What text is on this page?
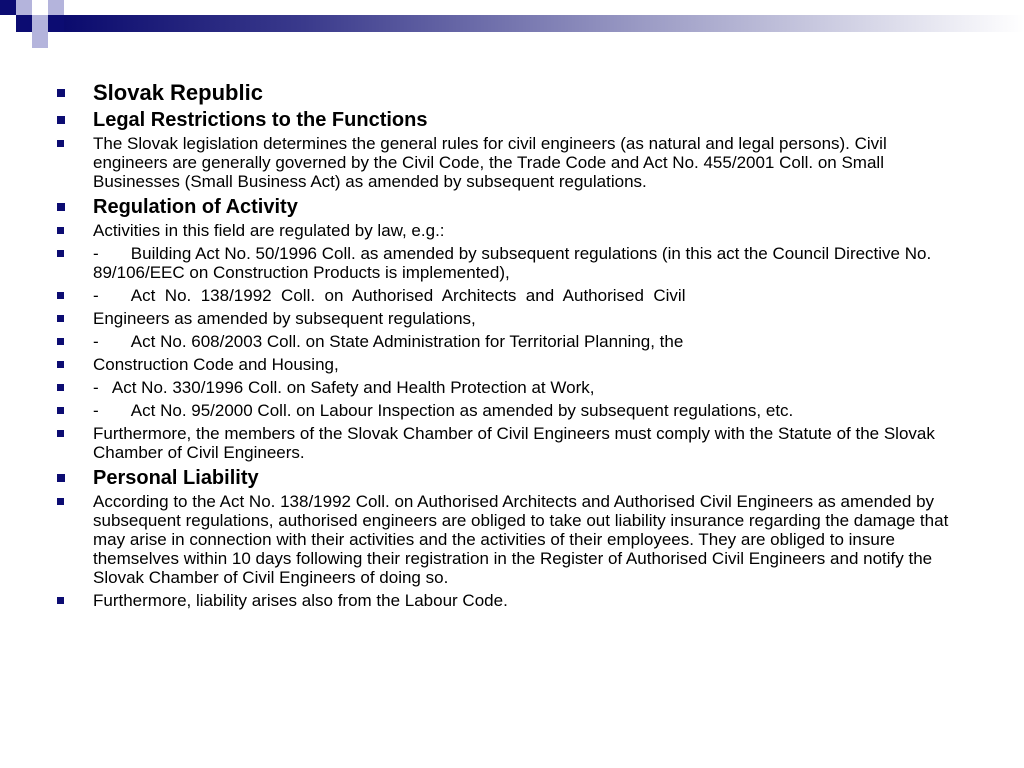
Slovak Republic
Legal Restrictions to the Functions
The Slovak legislation determines the general rules for civil engineers (as natural and legal persons). Civil engineers are generally governed by the Civil Code, the Trade Code and Act No. 455/2001 Coll. on Small Businesses (Small Business Act) as amended by subsequent regulations.
Regulation of Activity
Activities in this field are regulated by law, e.g.:
-	Building Act No. 50/1996 Coll. as amended by subsequent regulations (in this act the Council Directive No. 89/106/EEC on Construction Products is implemented),
-	Act  No.  138/1992  Coll.  on  Authorised  Architects  and  Authorised  Civil
Engineers as amended by subsequent regulations,
-	Act No. 608/2003 Coll. on State Administration for Territorial Planning, the
Construction Code and Housing,
-   Act No. 330/1996 Coll. on Safety and Health Protection at Work,
-	Act No. 95/2000 Coll. on Labour Inspection as amended by subsequent regulations, etc.
Furthermore, the members of the Slovak Chamber of Civil Engineers must comply with the Statute of the Slovak Chamber of Civil Engineers.
Personal Liability
According to the Act No. 138/1992 Coll. on Authorised Architects and Authorised Civil Engineers as amended by subsequent regulations, authorised engineers are obliged to take out liability insurance regarding the damage that may arise in connection with their activities and the activities of their employees. They are obliged to insure themselves within 10 days following their registration in the Register of Authorised Civil Engineers and notify the Slovak Chamber of Civil Engineers of doing so.
Furthermore, liability arises also from the Labour Code.
